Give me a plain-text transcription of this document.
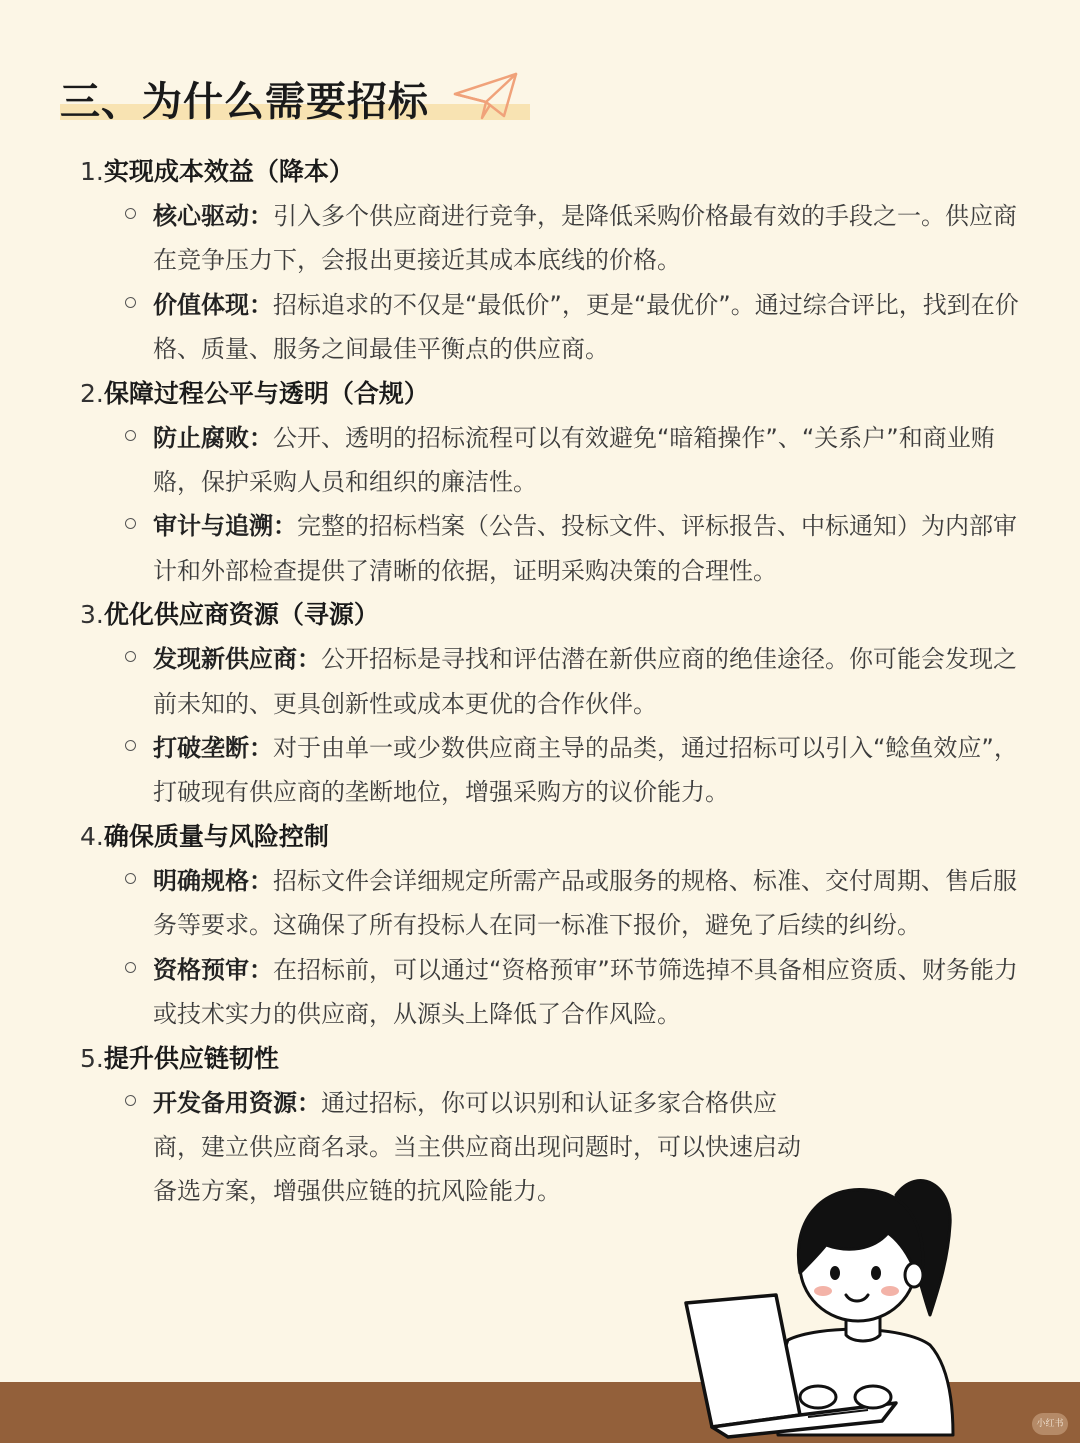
三、为什么需要招标
1.实现成本效益（降本）
核心驱动：引入多个供应商进行竞争，是降低采购价格最有效的手段之一。供应商在竞争压力下，会报出更接近其成本底线的价格。
价值体现：招标追求的不仅是“最低价”，更是“最优价”。通过综合评比，找到在价格、质量、服务之间最佳平衡点的供应商。
2.保障过程公平与透明（合规）
防止腐败：公开、透明的招标流程可以有效避免“暗箱操作”、“关系户”和商业贿赂，保护采购人员和组织的廉洁性。
审计与追溯：完整的招标档案（公告、投标文件、评标报告、中标通知）为内部审计和外部检查提供了清晰的依据，证明采购决策的合理性。
3.优化供应商资源（寻源）
发现新供应商：公开招标是寻找和评估潜在新供应商的绝佳途径。你可能会发现之前未知的、更具创新性或成本更优的合作伙伴。
打破垄断：对于由单一或少数供应商主导的品类，通过招标可以引入“鲶鱼效应”，打破现有供应商的垄断地位，增强采购方的议价能力。
4.确保质量与风险控制
明确规格：招标文件会详细规定所需产品或服务的规格、标准、交付周期、售后服务等要求。这确保了所有投标人在同一标准下报价，避免了后续的纠纷。
资格预审：在招标前，可以通过“资格预审”环节筛选掉不具备相应资质、财务能力或技术实力的供应商，从源头上降低了合作风险。
5.提升供应链韧性
开发备用资源：通过招标，你可以识别和认证多家合格供应商，建立供应商名录。当主供应商出现问题时，可以快速启动备选方案，增强供应链的抗风险能力。
小红书
